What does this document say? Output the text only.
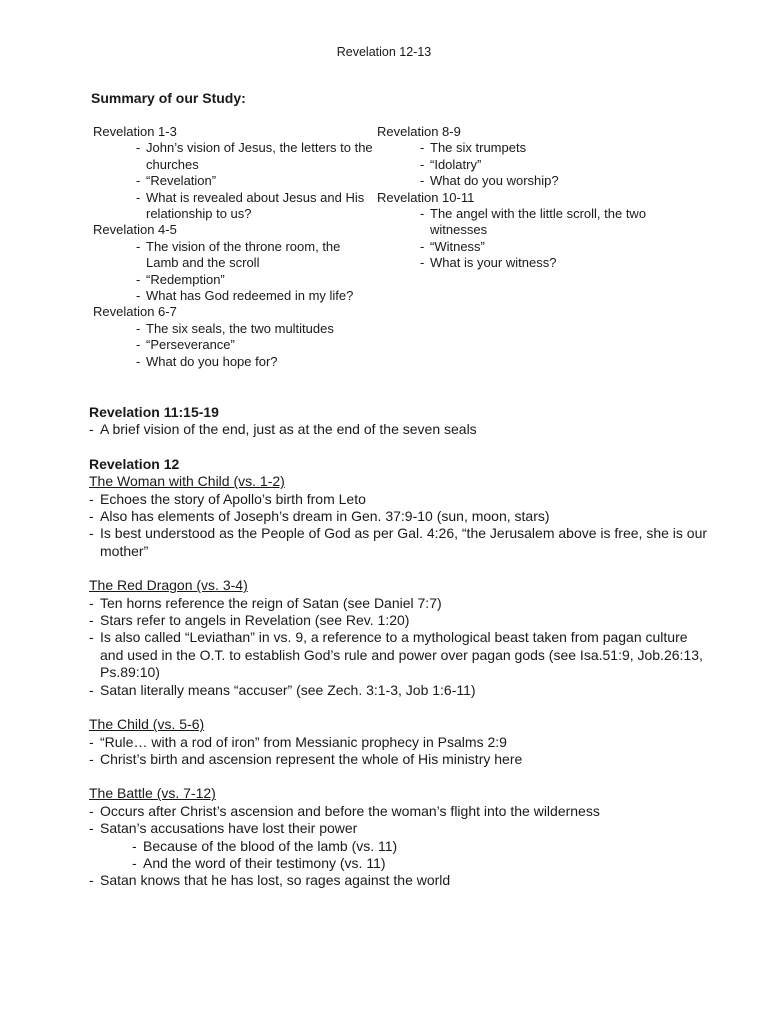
Revelation 12-13
Summary of our Study:
Revelation 1-3
- John’s vision of Jesus, the letters to the churches
- “Revelation”
- What is revealed about Jesus and His relationship to us?
Revelation 4-5
- The vision of the throne room, the Lamb and the scroll
- “Redemption”
- What has God redeemed in my life?
Revelation 6-7
- The six seals, the two multitudes
- “Perseverance”
- What do you hope for?
Revelation 8-9
- The six trumpets
- “Idolatry”
- What do you worship?
Revelation 10-11
- The angel with the little scroll, the two witnesses
- “Witness”
- What is your witness?
Revelation 11:15-19
- A brief vision of the end, just as at the end of the seven seals
Revelation 12
The Woman with Child (vs. 1-2)
- Echoes the story of Apollo’s birth from Leto
- Also has elements of Joseph’s dream in Gen. 37:9-10 (sun, moon, stars)
- Is best understood as the People of God as per Gal. 4:26, “the Jerusalem above is free, she is our mother”
The Red Dragon (vs. 3-4)
- Ten horns reference the reign of Satan (see Daniel 7:7)
- Stars refer to angels in Revelation (see Rev. 1:20)
- Is also called “Leviathan” in vs. 9, a reference to a mythological beast taken from pagan culture and used in the O.T. to establish God’s rule and power over pagan gods (see Isa.51:9, Job.26:13, Ps.89:10)
- Satan literally means “accuser” (see Zech. 3:1-3, Job 1:6-11)
The Child (vs. 5-6)
- “Rule… with a rod of iron” from Messianic prophecy in Psalms 2:9
- Christ’s birth and ascension represent the whole of His ministry here
The Battle (vs. 7-12)
- Occurs after Christ’s ascension and before the woman’s flight into the wilderness
- Satan’s accusations have lost their power
- Because of the blood of the lamb (vs. 11)
- And the word of their testimony (vs. 11)
- Satan knows that he has lost, so rages against the world
